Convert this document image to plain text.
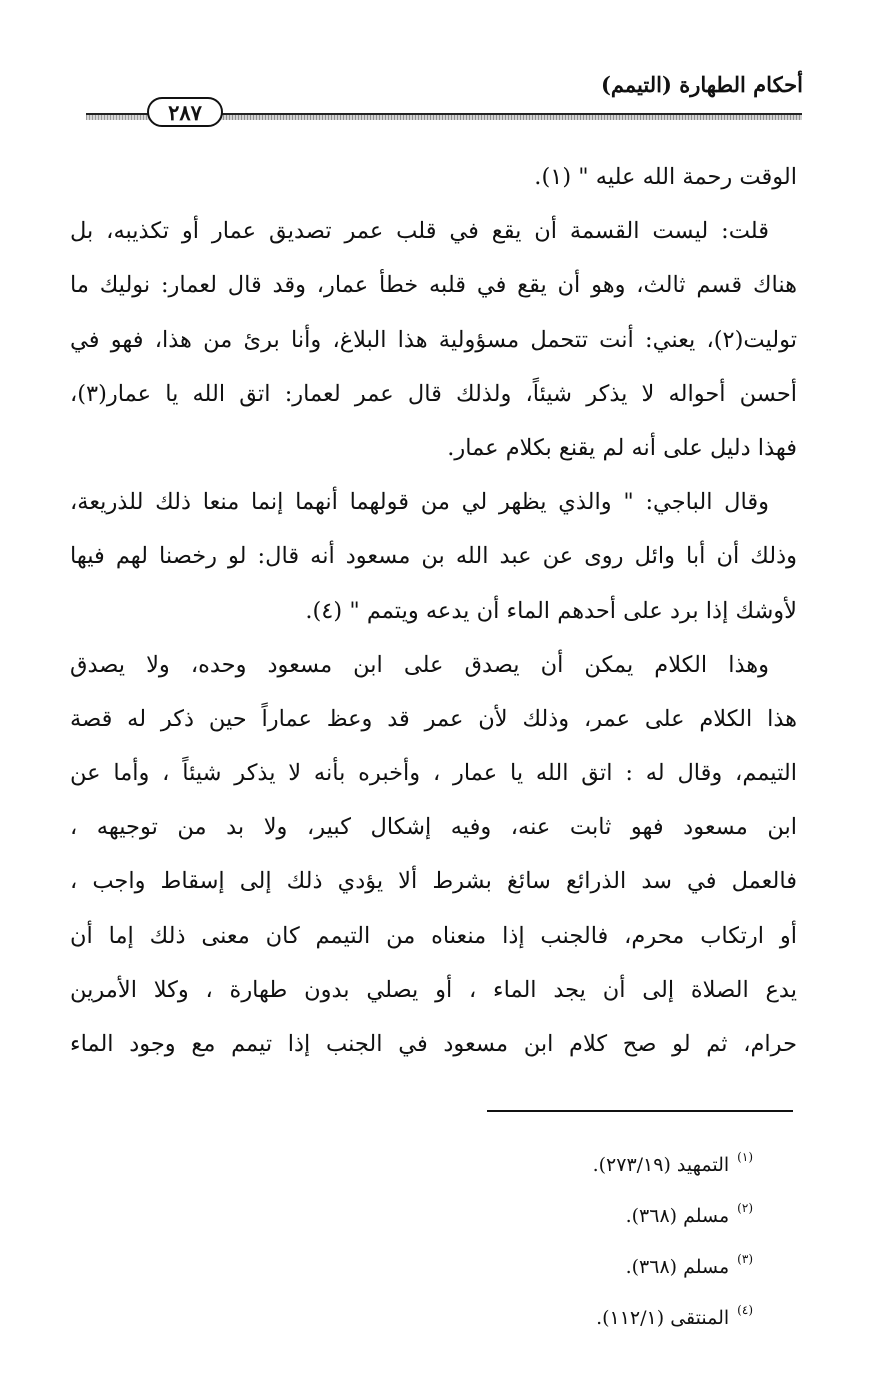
أحكام الطهارة (التيمم)
٢٨٧
الوقت رحمة الله عليه " (١).
قلت: ليست القسمة أن يقع في قلب عمر تصديق عمار أو تكذيبه، بل
هناك قسم ثالث، وهو أن يقع في قلبه خطأ عمار، وقد قال لعمار: نوليك ما
توليت(٢)، يعني: أنت تتحمل مسؤولية هذا البلاغ، وأنا برئ من هذا، فهو في
أحسن أحواله لا يذكر شيئاً، ولذلك قال عمر لعمار: اتق الله يا عمار(٣)،
فهذا دليل على أنه لم يقنع بكلام عمار.
وقال الباجي: " والذي يظهر لي من قولهما أنهما إنما منعا ذلك للذريعة،
وذلك أن أبا وائل روى عن عبد الله بن مسعود أنه قال: لو رخصنا لهم فيها
لأوشك إذا برد على أحدهم الماء أن يدعه ويتمم " (٤).
وهذا الكلام يمكن أن يصدق على ابن مسعود وحده، ولا يصدق
هذا الكلام على عمر، وذلك لأن عمر قد وعظ عماراً حين ذكر له قصة
التيمم، وقال له : اتق الله يا عمار ، وأخبره بأنه لا يذكر شيئاً ، وأما عن
ابن مسعود فهو ثابت عنه، وفيه إشكال كبير، ولا بد من توجيهه ،
فالعمل في سد الذرائع سائغ بشرط ألا يؤدي ذلك إلى إسقاط واجب ،
أو ارتكاب محرم، فالجنب إذا منعناه من التيمم كان معنى ذلك إما أن
يدع الصلاة إلى أن يجد الماء ، أو يصلي بدون طهارة ، وكلا الأمرين
حرام، ثم لو صح كلام ابن مسعود في الجنب إذا تيمم مع وجود الماء
$^{(١)}$التمهيد (٢٧٣/١٩).
$^{(٢)}$مسلم (٣٦٨).
$^{(٣)}$مسلم (٣٦٨).
$^{(٤)}$المنتقى (١١٢/١).
